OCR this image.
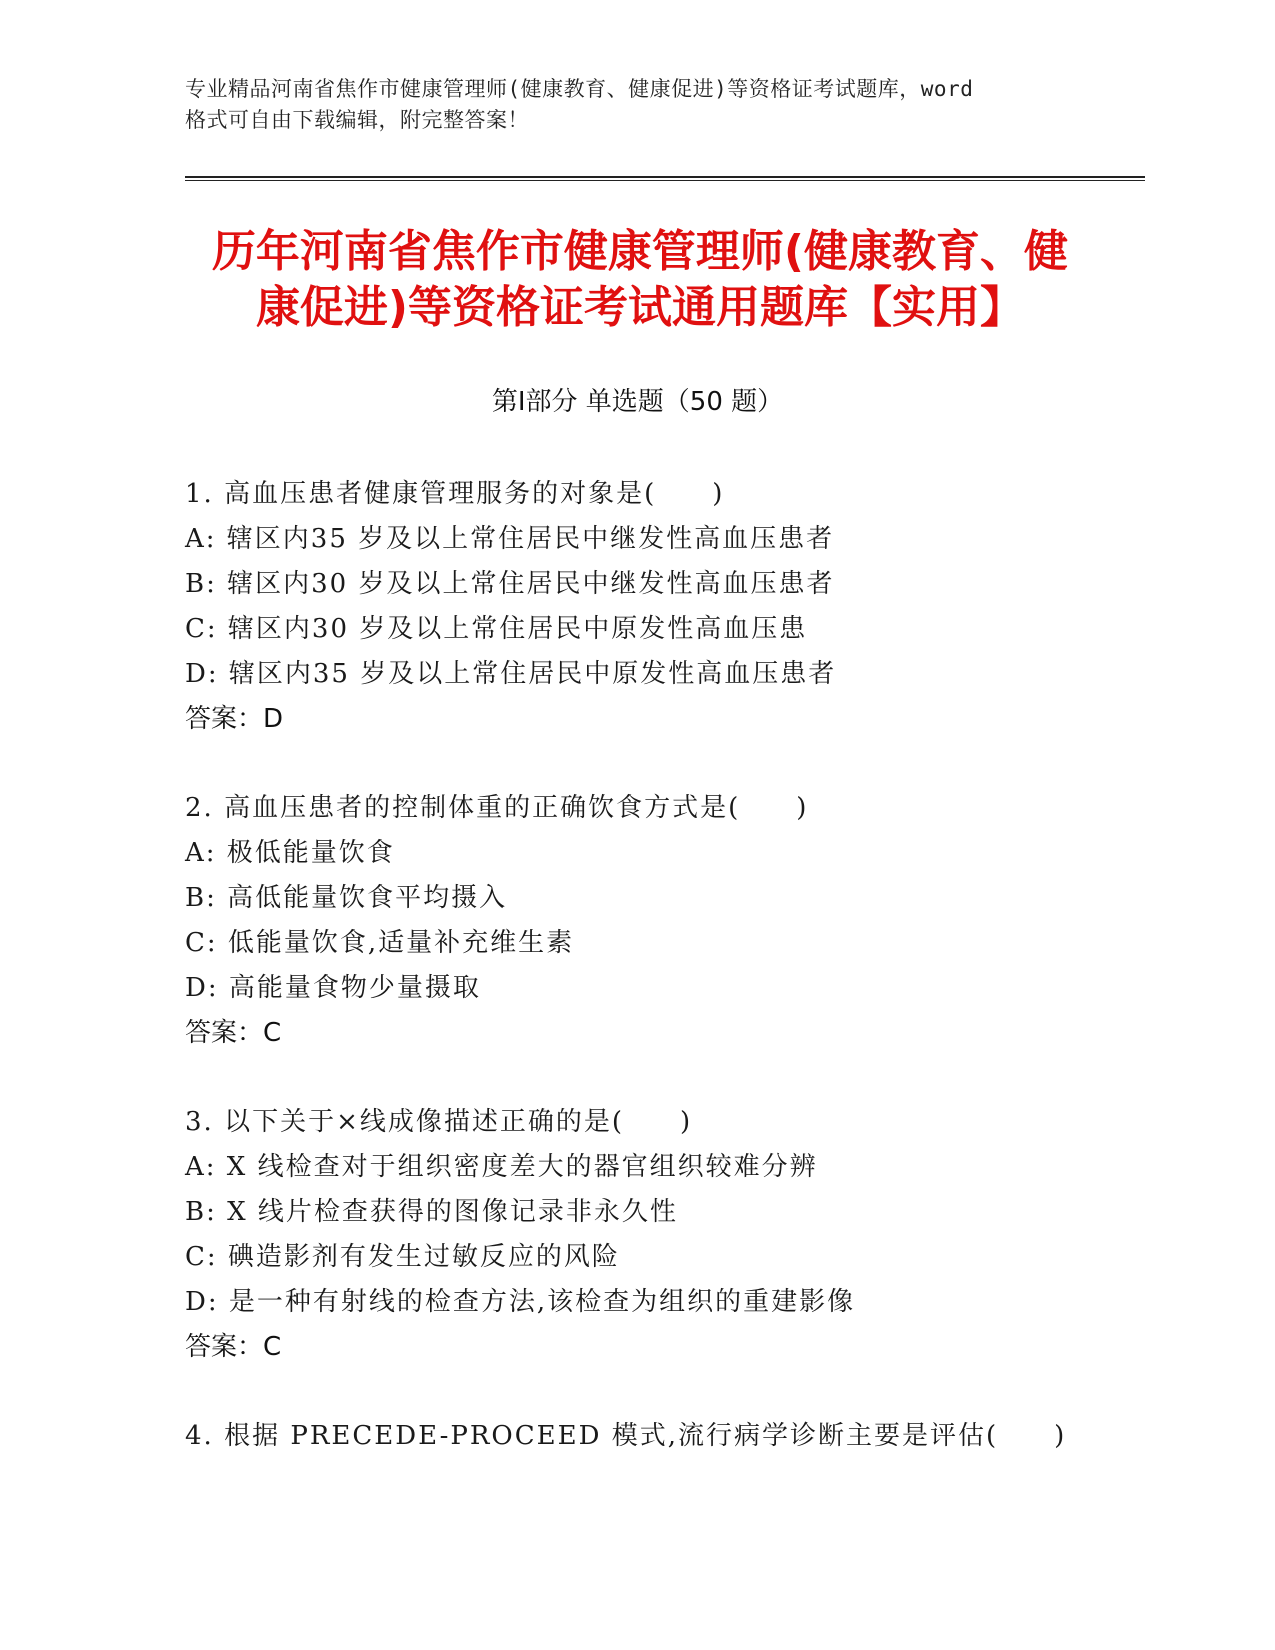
专业精品河南省焦作市健康管理师(健康教育、健康促进)等资格证考试题库，word
格式可自由下载编辑，附完整答案！
历年河南省焦作市健康管理师(健康教育、健
康促进)等资格证考试通用题库【实用】
第Ⅰ部分 单选题（50 题）
1. 高血压患者健康管理服务的对象是(　　)
A: 辖区内35 岁及以上常住居民中继发性高血压患者
B: 辖区内30 岁及以上常住居民中继发性高血压患者
C: 辖区内30 岁及以上常住居民中原发性高血压患
D: 辖区内35 岁及以上常住居民中原发性高血压患者
答案：D
2. 高血压患者的控制体重的正确饮食方式是(　　)
A: 极低能量饮食
B: 高低能量饮食平均摄入
C: 低能量饮食,适量补充维生素
D: 高能量食物少量摄取
答案：C
3. 以下关于×线成像描述正确的是(　　)
A: X 线检查对于组织密度差大的器官组织较难分辨
B: X 线片检查获得的图像记录非永久性
C: 碘造影剂有发生过敏反应的风险
D: 是一种有射线的检查方法,该检查为组织的重建影像
答案：C
4. 根据 PRECEDE-PROCEED 模式,流行病学诊断主要是评估(　　)
